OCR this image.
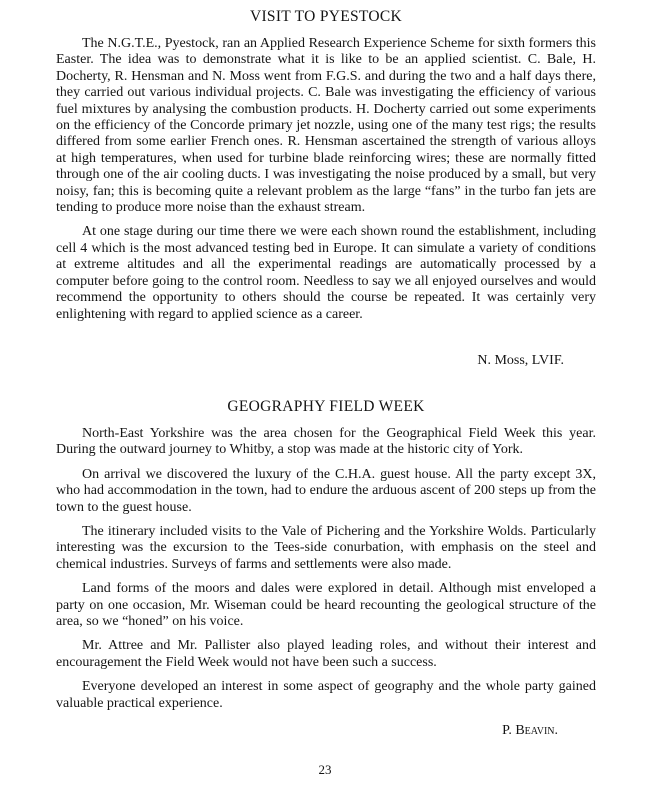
VISIT TO PYESTOCK

The N.G.T.E., Pyestock, ran an Applied Research Experience Scheme for sixth formers this Easter. The idea was to demonstrate what it is like to be an applied scientist. C. Bale, H. Docherty, R. Hensman and N. Moss went from F.G.S. and during the two and a half days there, they carried out various individual projects. C. Bale was investigating the efficiency of various fuel mixtures by analysing the combustion products. H. Docherty carried out some experiments on the efficiency of the Concorde primary jet nozzle, using one of the many test rigs; the results differed from some earlier French ones. R. Hensman ascertained the strength of various alloys at high temperatures, when used for turbine blade reinforcing wires; these are normally fitted through one of the air cooling ducts. I was investigating the noise produced by a small, but very noisy, fan; this is becoming quite a relevant problem as the large “fans” in the turbo fan jets are tending to produce more noise than the exhaust stream.

At one stage during our time there we were each shown round the establishment, including cell 4 which is the most advanced testing bed in Europe. It can simulate a variety of conditions at extreme altitudes and all the experimental readings are automatically processed by a computer before going to the control room. Needless to say we all enjoyed ourselves and would recommend the opportunity to others should the course be repeated. It was certainly very enlightening with regard to applied science as a career.

N. Moss, LVIF.
GEOGRAPHY FIELD WEEK

North-East Yorkshire was the area chosen for the Geographical Field Week this year. During the outward journey to Whitby, a stop was made at the historic city of York.

On arrival we discovered the luxury of the C.H.A. guest house. All the party except 3X, who had accommodation in the town, had to endure the arduous ascent of 200 steps up from the town to the guest house.

The itinerary included visits to the Vale of Pichering and the Yorkshire Wolds. Particularly interesting was the excursion to the Tees-side conurbation, with emphasis on the steel and chemical industries. Surveys of farms and settlements were also made.

Land forms of the moors and dales were explored in detail. Although mist enveloped a party on one occasion, Mr. Wiseman could be heard recounting the geological structure of the area, so we “honed” on his voice.

Mr. Attree and Mr. Pallister also played leading roles, and without their interest and encouragement the Field Week would not have been such a success.

Everyone developed an interest in some aspect of geography and the whole party gained valuable practical experience.

P. Beavin.
23
